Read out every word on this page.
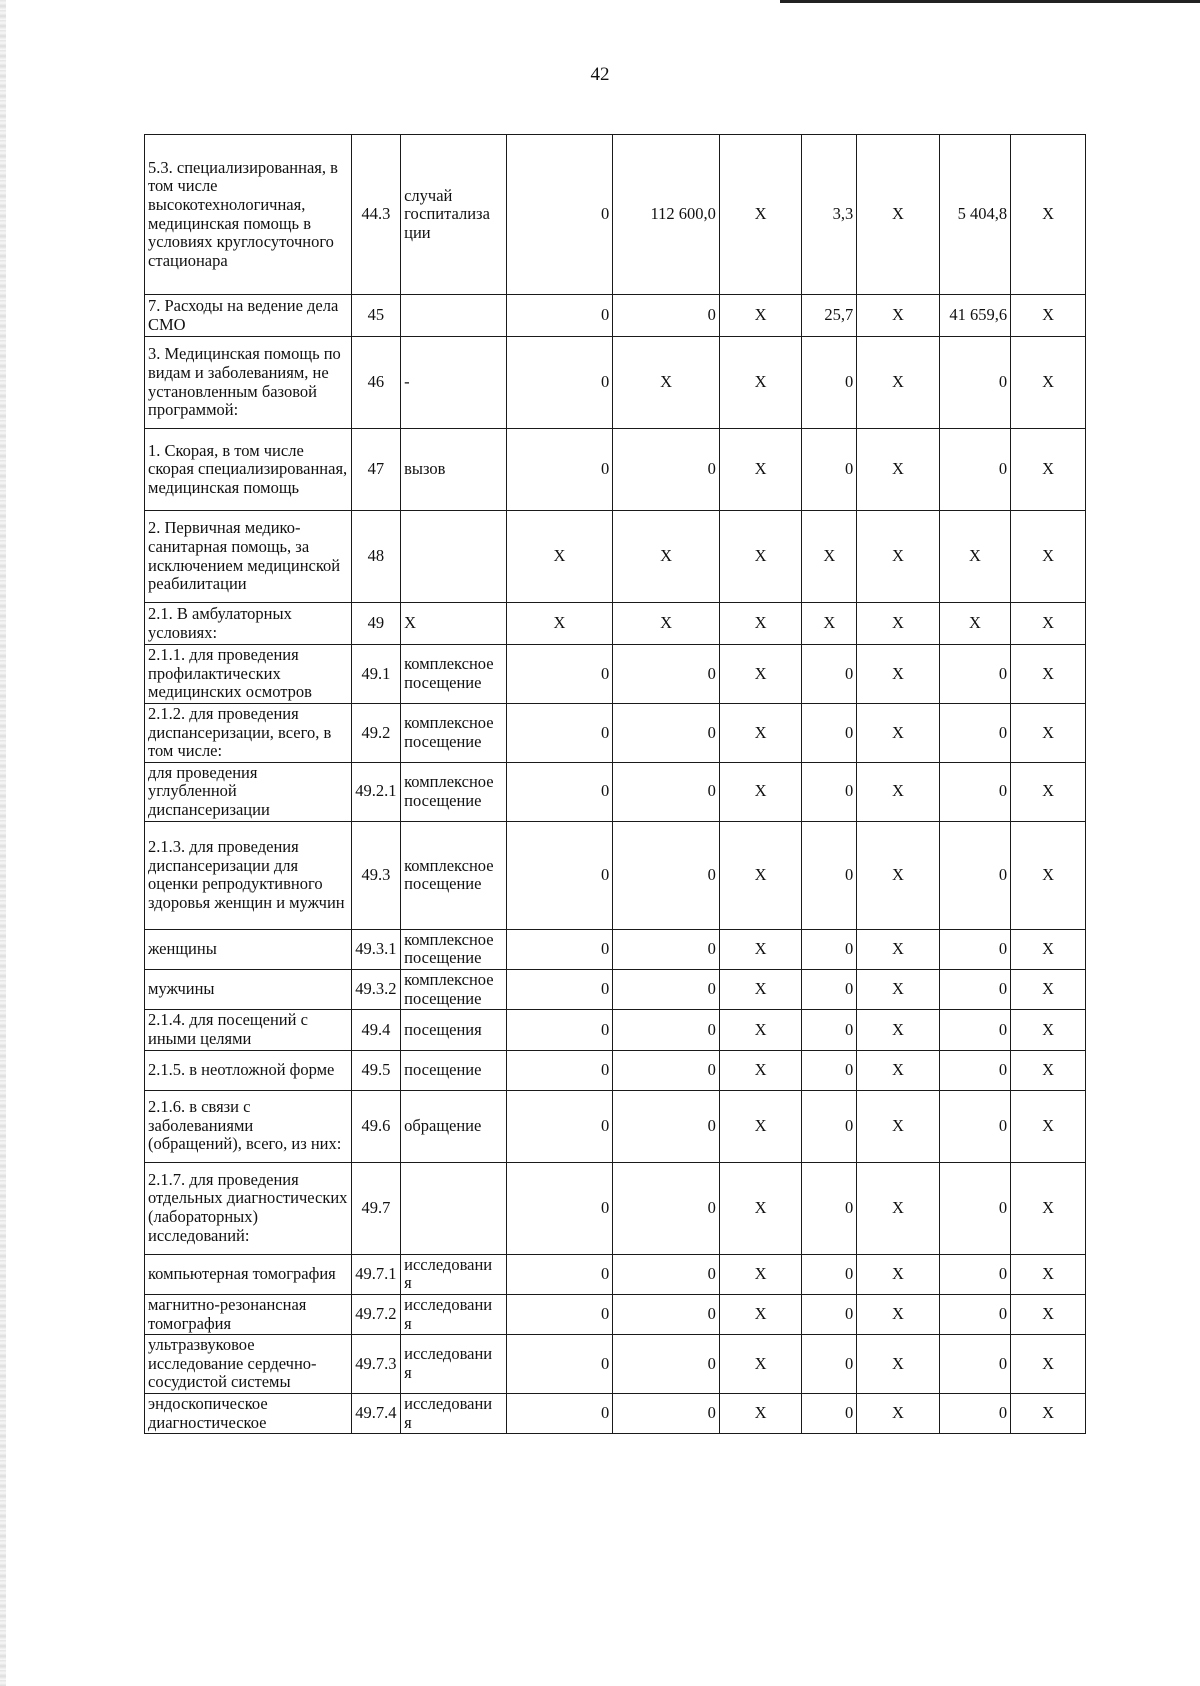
42
5.3. специализированная, в том числе высокотехнологичная, медицинская помощь в условиях круглосуточного стационара	44.3	случай госпитализа ции	0	112 600,0	Х	3,3	Х	5 404,8	Х
7. Расходы на ведение дела СМО	45		0	0	Х	25,7	Х	41 659,6	Х
3. Медицинская помощь по видам и заболеваниям, не установленным базовой программой:	46	-	0	Х	Х	0	Х	0	Х
1. Скорая, в том числе скорая специализированная, медицинская помощь	47	вызов	0	0	Х	0	Х	0	Х
2. Первичная медико-санитарная помощь, за исключением медицинской реабилитации	48		Х	Х	Х	Х	Х	Х	Х
2.1. В амбулаторных условиях:	49	Х	Х	Х	Х	Х	Х	Х	Х
2.1.1. для проведения профилактических медицинских осмотров	49.1	комплексное посещение	0	0	Х	0	Х	0	Х
2.1.2. для проведения диспансеризации, всего, в том числе:	49.2	комплексное посещение	0	0	Х	0	Х	0	Х
для проведения углубленной диспансеризации	49.2.1	комплексное посещение	0	0	Х	0	Х	0	Х
2.1.3. для проведения диспансеризации для оценки репродуктивного здоровья женщин и мужчин	49.3	комплексное посещение	0	0	Х	0	Х	0	Х
женщины	49.3.1	комплексное посещение	0	0	Х	0	Х	0	Х
мужчины	49.3.2	комплексное посещение	0	0	Х	0	Х	0	Х
2.1.4. для посещений с иными целями	49.4	посещения	0	0	Х	0	Х	0	Х
2.1.5. в неотложной форме	49.5	посещение	0	0	Х	0	Х	0	Х
2.1.6. в связи с заболеваниями (обращений), всего, из них:	49.6	обращение	0	0	Х	0	Х	0	Х
2.1.7. для проведения отдельных диагностических (лабораторных) исследований:	49.7		0	0	Х	0	Х	0	Х
компьютерная томография	49.7.1	исследовани я	0	0	Х	0	Х	0	Х
магнитно-резонансная томография	49.7.2	исследовани я	0	0	Х	0	Х	0	Х
ультразвуковое исследование сердечно-сосудистой системы	49.7.3	исследовани я	0	0	Х	0	Х	0	Х
эндоскопическое диагностическое	49.7.4	исследовани я	0	0	Х	0	Х	0	Х
